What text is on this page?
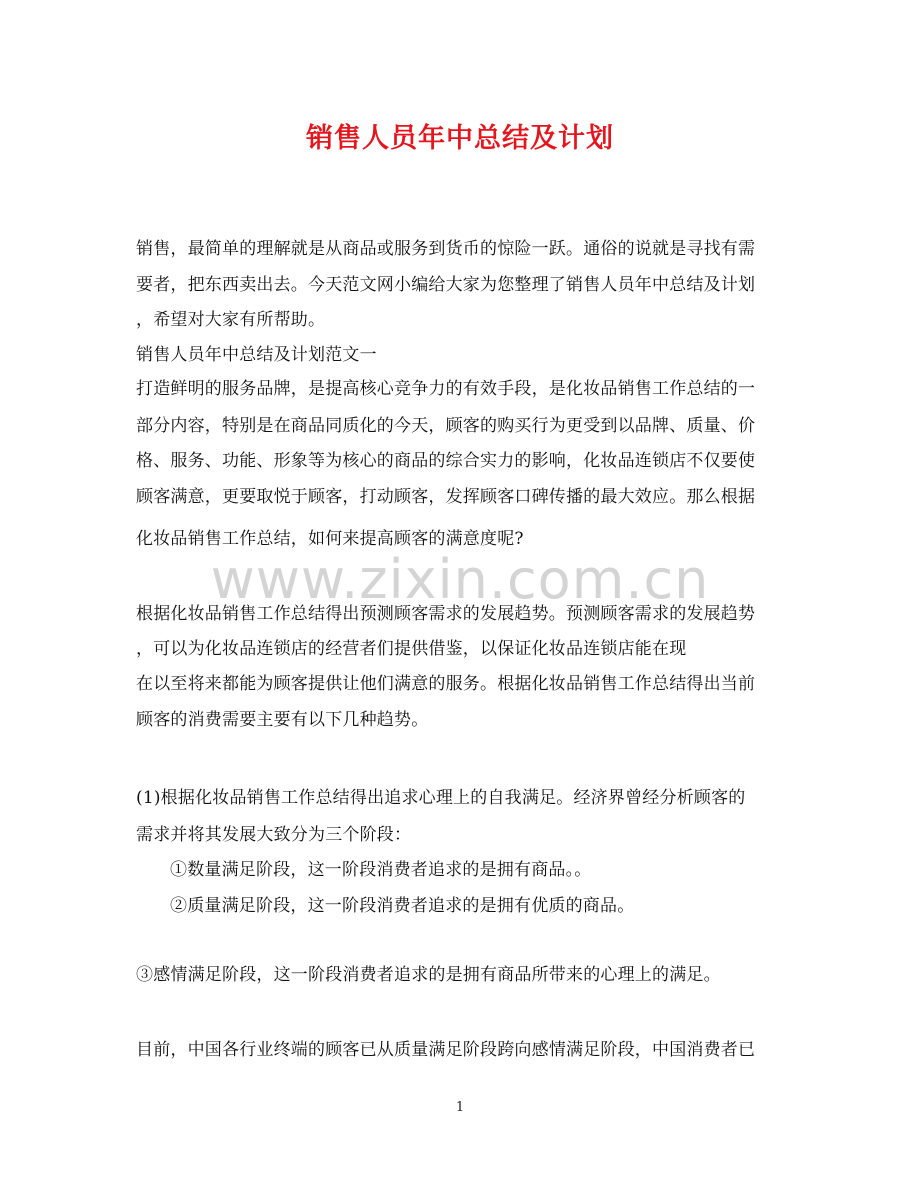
销售人员年中总结及计划
销售，最简单的理解就是从商品或服务到货币的惊险一跃。通俗的说就是寻找有需
要者，把东西卖出去。今天范文网小编给大家为您整理了销售人员年中总结及计划
，希望对大家有所帮助。
销售人员年中总结及计划范文一
打造鲜明的服务品牌，是提高核心竞争力的有效手段，是化妆品销售工作总结的一
部分内容，特别是在商品同质化的今天，顾客的购买行为更受到以品牌、质量、价
格、服务、功能、形象等为核心的商品的综合实力的影响，化妆品连锁店不仅要使
顾客满意，更要取悦于顾客，打动顾客，发挥顾客口碑传播的最大效应。那么根据
化妆品销售工作总结，如何来提高顾客的满意度呢?
www.zixin.com.cn
根据化妆品销售工作总结得出预测顾客需求的发展趋势。预测顾客需求的发展趋势
，可以为化妆品连锁店的经营者们提供借鉴，以保证化妆品连锁店能在现
在以至将来都能为顾客提供让他们满意的服务。根据化妆品销售工作总结得出当前
顾客的消费需要主要有以下几种趋势。
(1)根据化妆品销售工作总结得出追求心理上的自我满足。经济界曾经分析顾客的
需求并将其发展大致分为三个阶段：
①数量满足阶段，这一阶段消费者追求的是拥有商品。。
②质量满足阶段，这一阶段消费者追求的是拥有优质的商品。
③感情满足阶段，这一阶段消费者追求的是拥有商品所带来的心理上的满足。
目前，中国各行业终端的顾客已从质量满足阶段跨向感情满足阶段，中国消费者已
1
